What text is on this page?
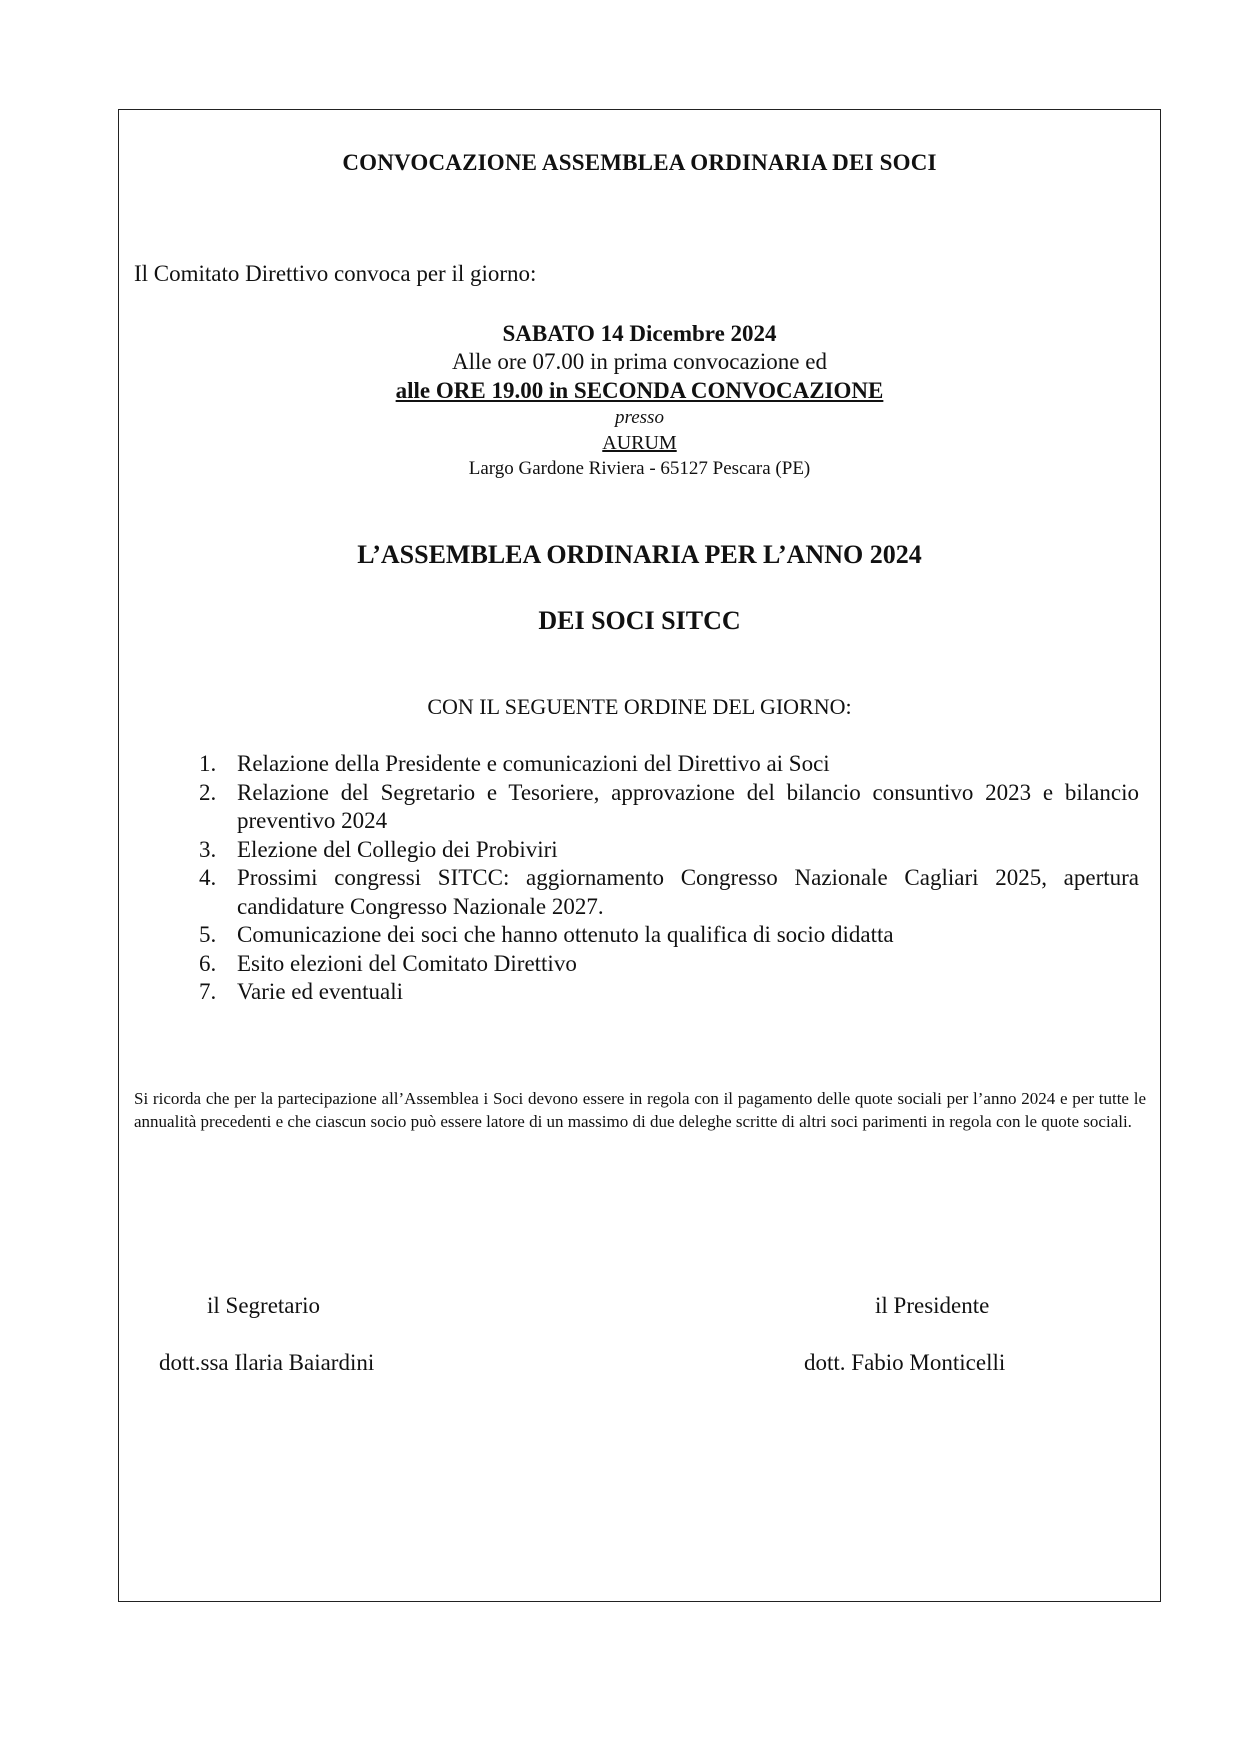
CONVOCAZIONE ASSEMBLEA ORDINARIA DEI SOCI

Il Comitato Direttivo convoca per il giorno:

SABATO 14 Dicembre 2024

Alle ore 07.00 in prima convocazione ed

alle ORE 19.00 in SECONDA CONVOCAZIONE

presso

AURUM

Largo Gardone Riviera - 65127 Pescara (PE)

L’ASSEMBLEA ORDINARIA PER L’ANNO 2024

DEI SOCI SITCC

CON IL SEGUENTE ORDINE DEL GIORNO:

1. Relazione della Presidente e comunicazioni del Direttivo ai Soci
2. Relazione del Segretario e Tesoriere, approvazione del bilancio consuntivo 2023 e bilancio preventivo 2024
3. Elezione del Collegio dei Probiviri
4. Prossimi congressi SITCC: aggiornamento Congresso Nazionale Cagliari 2025, apertura candidature Congresso Nazionale 2027.
5. Comunicazione dei soci che hanno ottenuto la qualifica di socio didatta
6. Esito elezioni del Comitato Direttivo
7. Varie ed eventuali

Si ricorda che per la partecipazione all’Assemblea i Soci devono essere in regola con il pagamento delle quote sociali per l’anno 2024 e per tutte le annualità precedenti e che ciascun socio può essere latore di un massimo di due deleghe scritte di altri soci parimenti in regola con le quote sociali.

il Segretario

dott.ssa Ilaria Baiardini

il Presidente

dott. Fabio Monticelli
